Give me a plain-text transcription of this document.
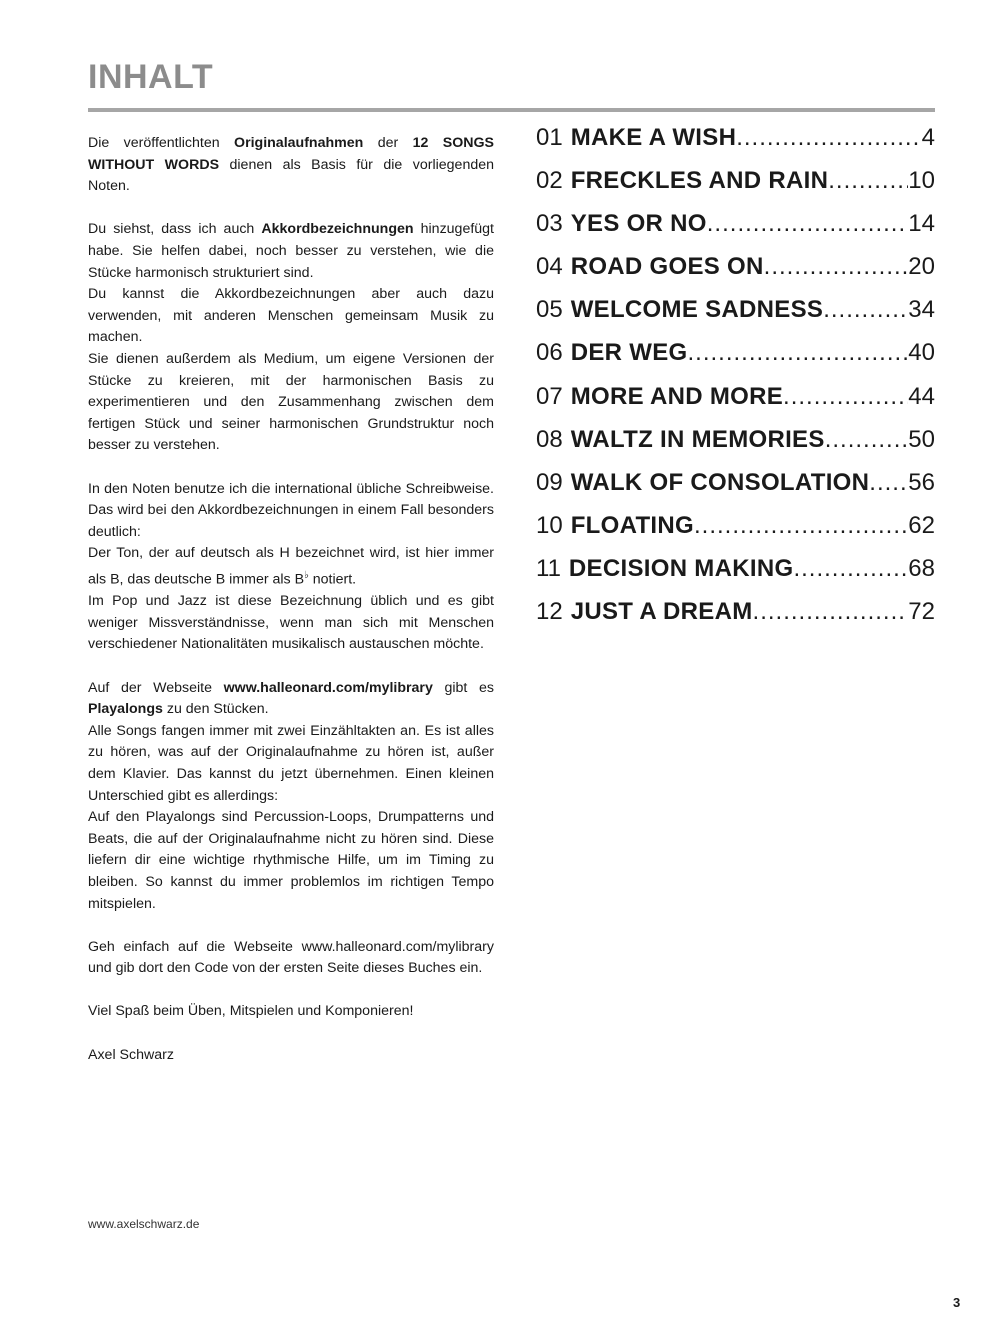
INHALT

Die veröffentlichten Originalaufnahmen der 12 SONGS WITHOUT WORDS dienen als Basis für die vorliegenden Noten.

Du siehst, dass ich auch Akkordbezeichnungen hinzugefügt habe. Sie helfen dabei, noch besser zu verstehen, wie die Stücke harmonisch strukturiert sind.

Du kannst die Akkordbezeichnungen aber auch dazu verwenden, mit anderen Menschen gemeinsam Musik zu machen.

Sie dienen außerdem als Medium, um eigene Versionen der Stücke zu kreieren, mit der harmonischen Basis zu experimentieren und den Zusammenhang zwischen dem fertigen Stück und seiner harmonischen Grundstruktur noch besser zu verstehen.

In den Noten benutze ich die international übliche Schreibweise. Das wird bei den Akkordbezeichnungen in einem Fall besonders deutlich:

Der Ton, der auf deutsch als H bezeichnet wird, ist hier immer als B, das deutsche B immer als B♭ notiert.

Im Pop und Jazz ist diese Bezeichnung üblich und es gibt weniger Missverständnisse, wenn man sich mit Menschen verschiedener Nationalitäten musikalisch austauschen möchte.

Auf der Webseite www.halleonard.com/mylibrary gibt es Playalongs zu den Stücken.

Alle Songs fangen immer mit zwei Einzähltakten an. Es ist alles zu hören, was auf der Originalaufnahme zu hören ist, außer dem Klavier. Das kannst du jetzt übernehmen. Einen kleinen Unterschied gibt es allerdings:

Auf den Playalongs sind Percussion-Loops, Drumpatterns und Beats, die auf der Originalaufnahme nicht zu hören sind. Diese liefern dir eine wichtige rhythmische Hilfe, um im Timing zu bleiben. So kannst du immer problemlos im richtigen Tempo mitspielen.

Geh einfach auf die Webseite www.halleonard.com/mylibrary und gib dort den Code von der ersten Seite dieses Buches ein.

Viel Spaß beim Üben, Mitspielen und Komponieren!

Axel Schwarz

01 MAKE A WISH .....	4
02 FRECKLES AND RAIN .....	10
03 YES OR NO .....	14
04 ROAD GOES ON .....	20
05 WELCOME SADNESS .....	34
06 DER WEG .....	40
07 MORE AND MORE .....	44
08 WALTZ IN MEMORIES .....	50
09 WALK OF CONSOLATION ..... 56
10 FLOATING .....	62
11 DECISION MAKING .....	68
12 JUST A DREAM .....	72
www.axelschwarz.de
3
